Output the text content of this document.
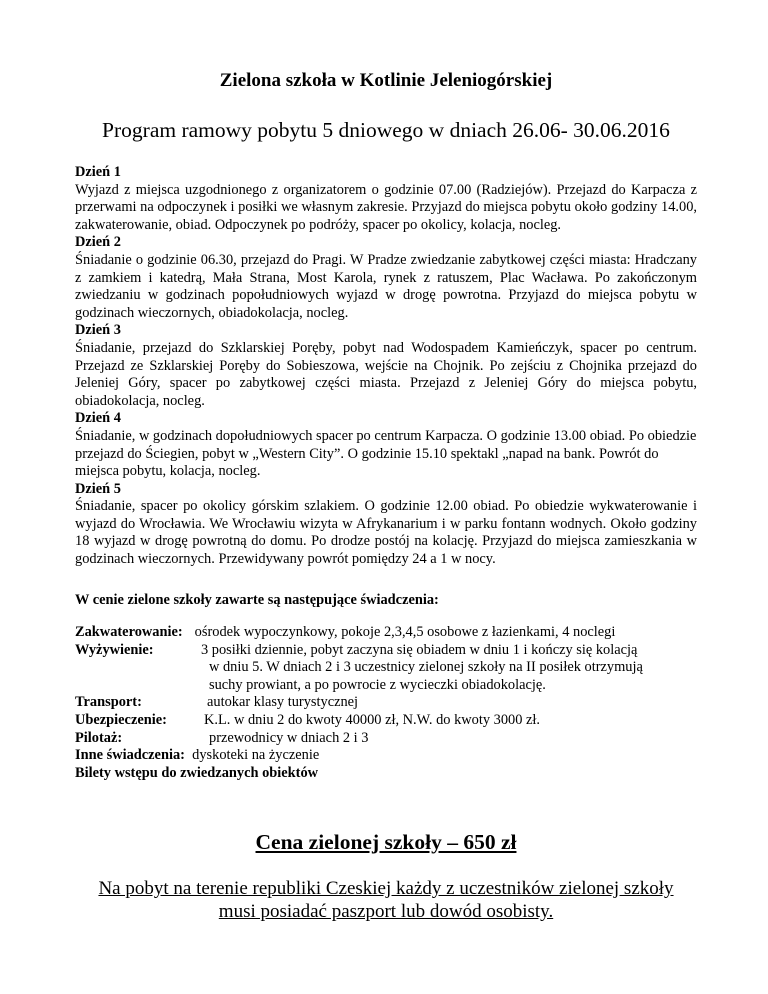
Zielona szkoła w Kotlinie Jeleniogórskiej
Program ramowy pobytu 5 dniowego w dniach 26.06- 30.06.2016
Dzień 1
Wyjazd z miejsca uzgodnionego z organizatorem o godzinie 07.00 (Radziejów). Przejazd do Karpacza z przerwami na odpoczynek i posiłki we własnym zakresie. Przyjazd do miejsca pobytu około godziny 14.00, zakwaterowanie, obiad. Odpoczynek po podróży, spacer po okolicy, kolacja, nocleg.
Dzień 2
Śniadanie o godzinie 06.30, przejazd do Pragi. W Pradze zwiedzanie zabytkowej części miasta: Hradczany z zamkiem i katedrą, Mała Strana, Most Karola, rynek z ratuszem, Plac Wacława. Po zakończonym zwiedzaniu w godzinach popołudniowych wyjazd w drogę powrotna. Przyjazd do miejsca pobytu w godzinach wieczornych, obiadokolacja, nocleg.
Dzień 3
Śniadanie, przejazd do Szklarskiej Poręby, pobyt nad Wodospadem Kamieńczyk, spacer po centrum. Przejazd ze Szklarskiej Poręby do Sobieszowa, wejście na Chojnik. Po zejściu z Chojnika przejazd do Jeleniej Góry, spacer po zabytkowej części miasta. Przejazd z Jeleniej Góry do miejsca pobytu, obiadokolacja, nocleg.
Dzień 4
Śniadanie, w godzinach dopołudniowych spacer po centrum Karpacza. O godzinie 13.00 obiad. Po obiedzie przejazd do Ściegien, pobyt w „Western City”. O godzinie 15.10 spektakl „napad na bank. Powrót do miejsca pobytu, kolacja, nocleg.
Dzień 5
Śniadanie, spacer po okolicy górskim szlakiem. O godzinie 12.00 obiad. Po obiedzie wykwaterowanie i wyjazd do Wrocławia. We Wrocławiu wizyta w Afrykanarium i w parku fontann wodnych. Około godziny 18 wyjazd w drogę powrotną do domu. Po drodze postój na kolację. Przyjazd do miejsca zamieszkania w godzinach wieczornych. Przewidywany powrót pomiędzy 24 a 1 w nocy.
W cenie zielone szkoły zawarte są następujące świadczenia:
Zakwaterowanie: ośrodek wypoczynkowy, pokoje 2,3,4,5 osobowe z łazienkami, 4 noclegi
Wyżywienie:	3 posiłki dziennie, pobyt zaczyna się obiadem w dniu 1 i kończy się kolacją
w dniu 5. W dniach 2 i 3 uczestnicy zielonej szkoły na II posiłek otrzymują
suchy prowiant, a po powrocie z wycieczki obiadokolację.
Transport:	autokar klasy turystycznej
Ubezpieczenie:	K.L. w dniu 2 do kwoty 40000 zł, N.W. do kwoty 3000 zł.
Pilotaż:	przewodnicy w dniach 2 i 3
Inne świadczenia: dyskoteki na życzenie
Bilety wstępu do zwiedzanych obiektów
Cena zielonej szkoły – 650 zł
Na pobyt na terenie republiki Czeskiej każdy z uczestników zielonej szkoły musi posiadać paszport lub dowód osobisty.
